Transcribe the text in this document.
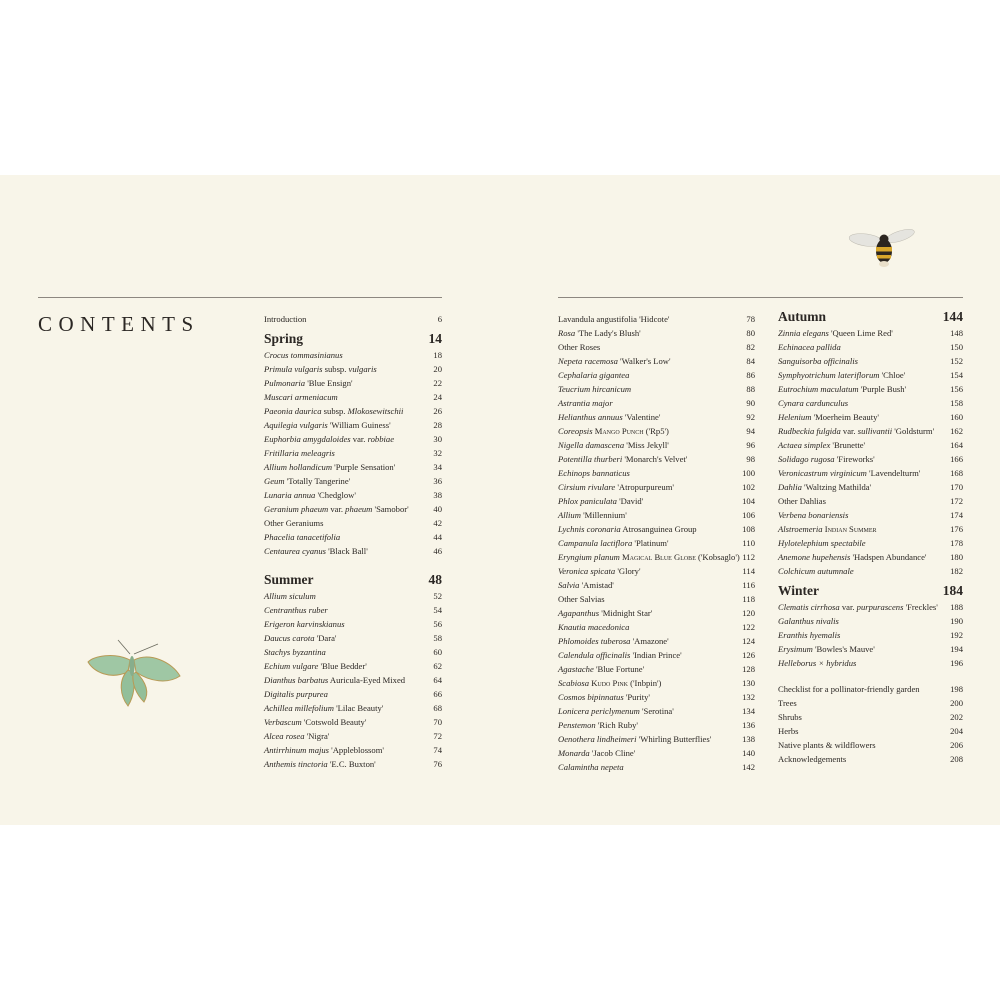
CONTENTS	Introduction	6
Spring	14
Crocus tommasinianus	18
Primula vulgaris subsp. vulgaris	20
Pulmonaria 'Blue Ensign'	22
Muscari armeniacum	24
Paeonia daurica subsp. Mlokosewitschii	26
Aquilegia vulgaris 'William Guiness'	28
Euphorbia amygdaloides var. robbiae	30
Fritillaria meleagris	32
Allium hollandicum 'Purple Sensation'	34
Geum 'Totally Tangerine'	36
Lunaria annua 'Chedglow'	38
Geranium phaeum var. phaeum 'Samobor'	40
Other Geraniums	42
Phacelia tanacetifolia	44
Centaurea cyanus 'Black Ball'	46
Summer	48
Allium siculum	52
Centranthus ruber	54
Erigeron karvinskianus	56
Daucus carota 'Dara'	58
Stachys byzantina	60
Echium vulgare 'Blue Bedder'	62
Dianthus barbatus Auricula-Eyed Mixed	64
Digitalis purpurea	66
Achillea millefolium 'Lilac Beauty'	68
Verbascum 'Cotswold Beauty'	70
Alcea rosea 'Nigra'	72
Antirrhinum majus 'Appleblossom'	74
Anthemis tinctoria 'E.C. Buxton'	76
Lavandula angustifolia 'Hidcote'	78
Rosa 'The Lady's Blush'	80
Other Roses	82
Nepeta racemosa 'Walker's Low'	84
Cephalaria gigantea	86
Teucrium hircanicum	88
Astrantia major	90
Helianthus annuus 'Valentine'	92
Coreopsis Mango Punch ('Rp5')	94
Nigella damascena 'Miss Jekyll'	96
Potentilla thurberi 'Monarch's Velvet'	98
Echinops bannaticus	100
Cirsium rivulare 'Atropurpureum'	102
Phlox paniculata 'David'	104
Allium 'Millennium'	106
Lychnis coronaria Atrosanguinea Group	108
Campanula lactiflora 'Platinum'	110
Eryngium planum Magical Blue Globe ('Kobsaglo') 112
Veronica spicata 'Glory'	114
Salvia 'Amistad'	116
Other Salvias	118
Agapanthus 'Midnight Star'	120
Knautia macedonica	122
Phlomoides tuberosa 'Amazone'	124
Calendula officinalis 'Indian Prince'	126
Agastache 'Blue Fortune'	128
Scabiosa Kudo Pink ('Inbpin')	130
Cosmos bipinnatus 'Purity'	132
Lonicera periclymenum 'Serotina'	134
Penstemon 'Rich Ruby'	136
Oenothera lindheimeri 'Whirling Butterflies'	138
Monarda 'Jacob Cline'	140
Calamintha nepeta	142
Autumn	144
Zinnia elegans 'Queen Lime Red'	148
Echinacea pallida	150
Sanguisorba officinalis	152
Symphyotrichum lateriflorum 'Chloe'	154
Eutrochium maculatum 'Purple Bush'	156
Cynara cardunculus	158
Helenium 'Moerheim Beauty'	160
Rudbeckia fulgida var. sullivantii 'Goldsturm' 162
Actaea simplex 'Brunette'	164
Solidago rugosa 'Fireworks'	166
Veronicastrum virginicum 'Lavendelturm'	168
Dahlia 'Waltzing Mathilda'	170
Other Dahlias	172
Verbena bonariensis	174
Alstroemeria Indian Summer	176
Hylotelephium spectabile	178
Anemone hupehensis 'Hadspen Abundance'	180
Colchicum autumnale	182
Winter	184
Clematis cirrhosa var. purpurascens 'Freckles' 188
Galanthus nivalis	190
Eranthis hyemalis	192
Erysimum 'Bowles's Mauve'	194
Helleborus × hybridus	196
Checklist for a pollinator-friendly garden	198
Trees	200
Shrubs	202
Herbs	204
Native plants & wildflowers	206
Acknowledgements	208
